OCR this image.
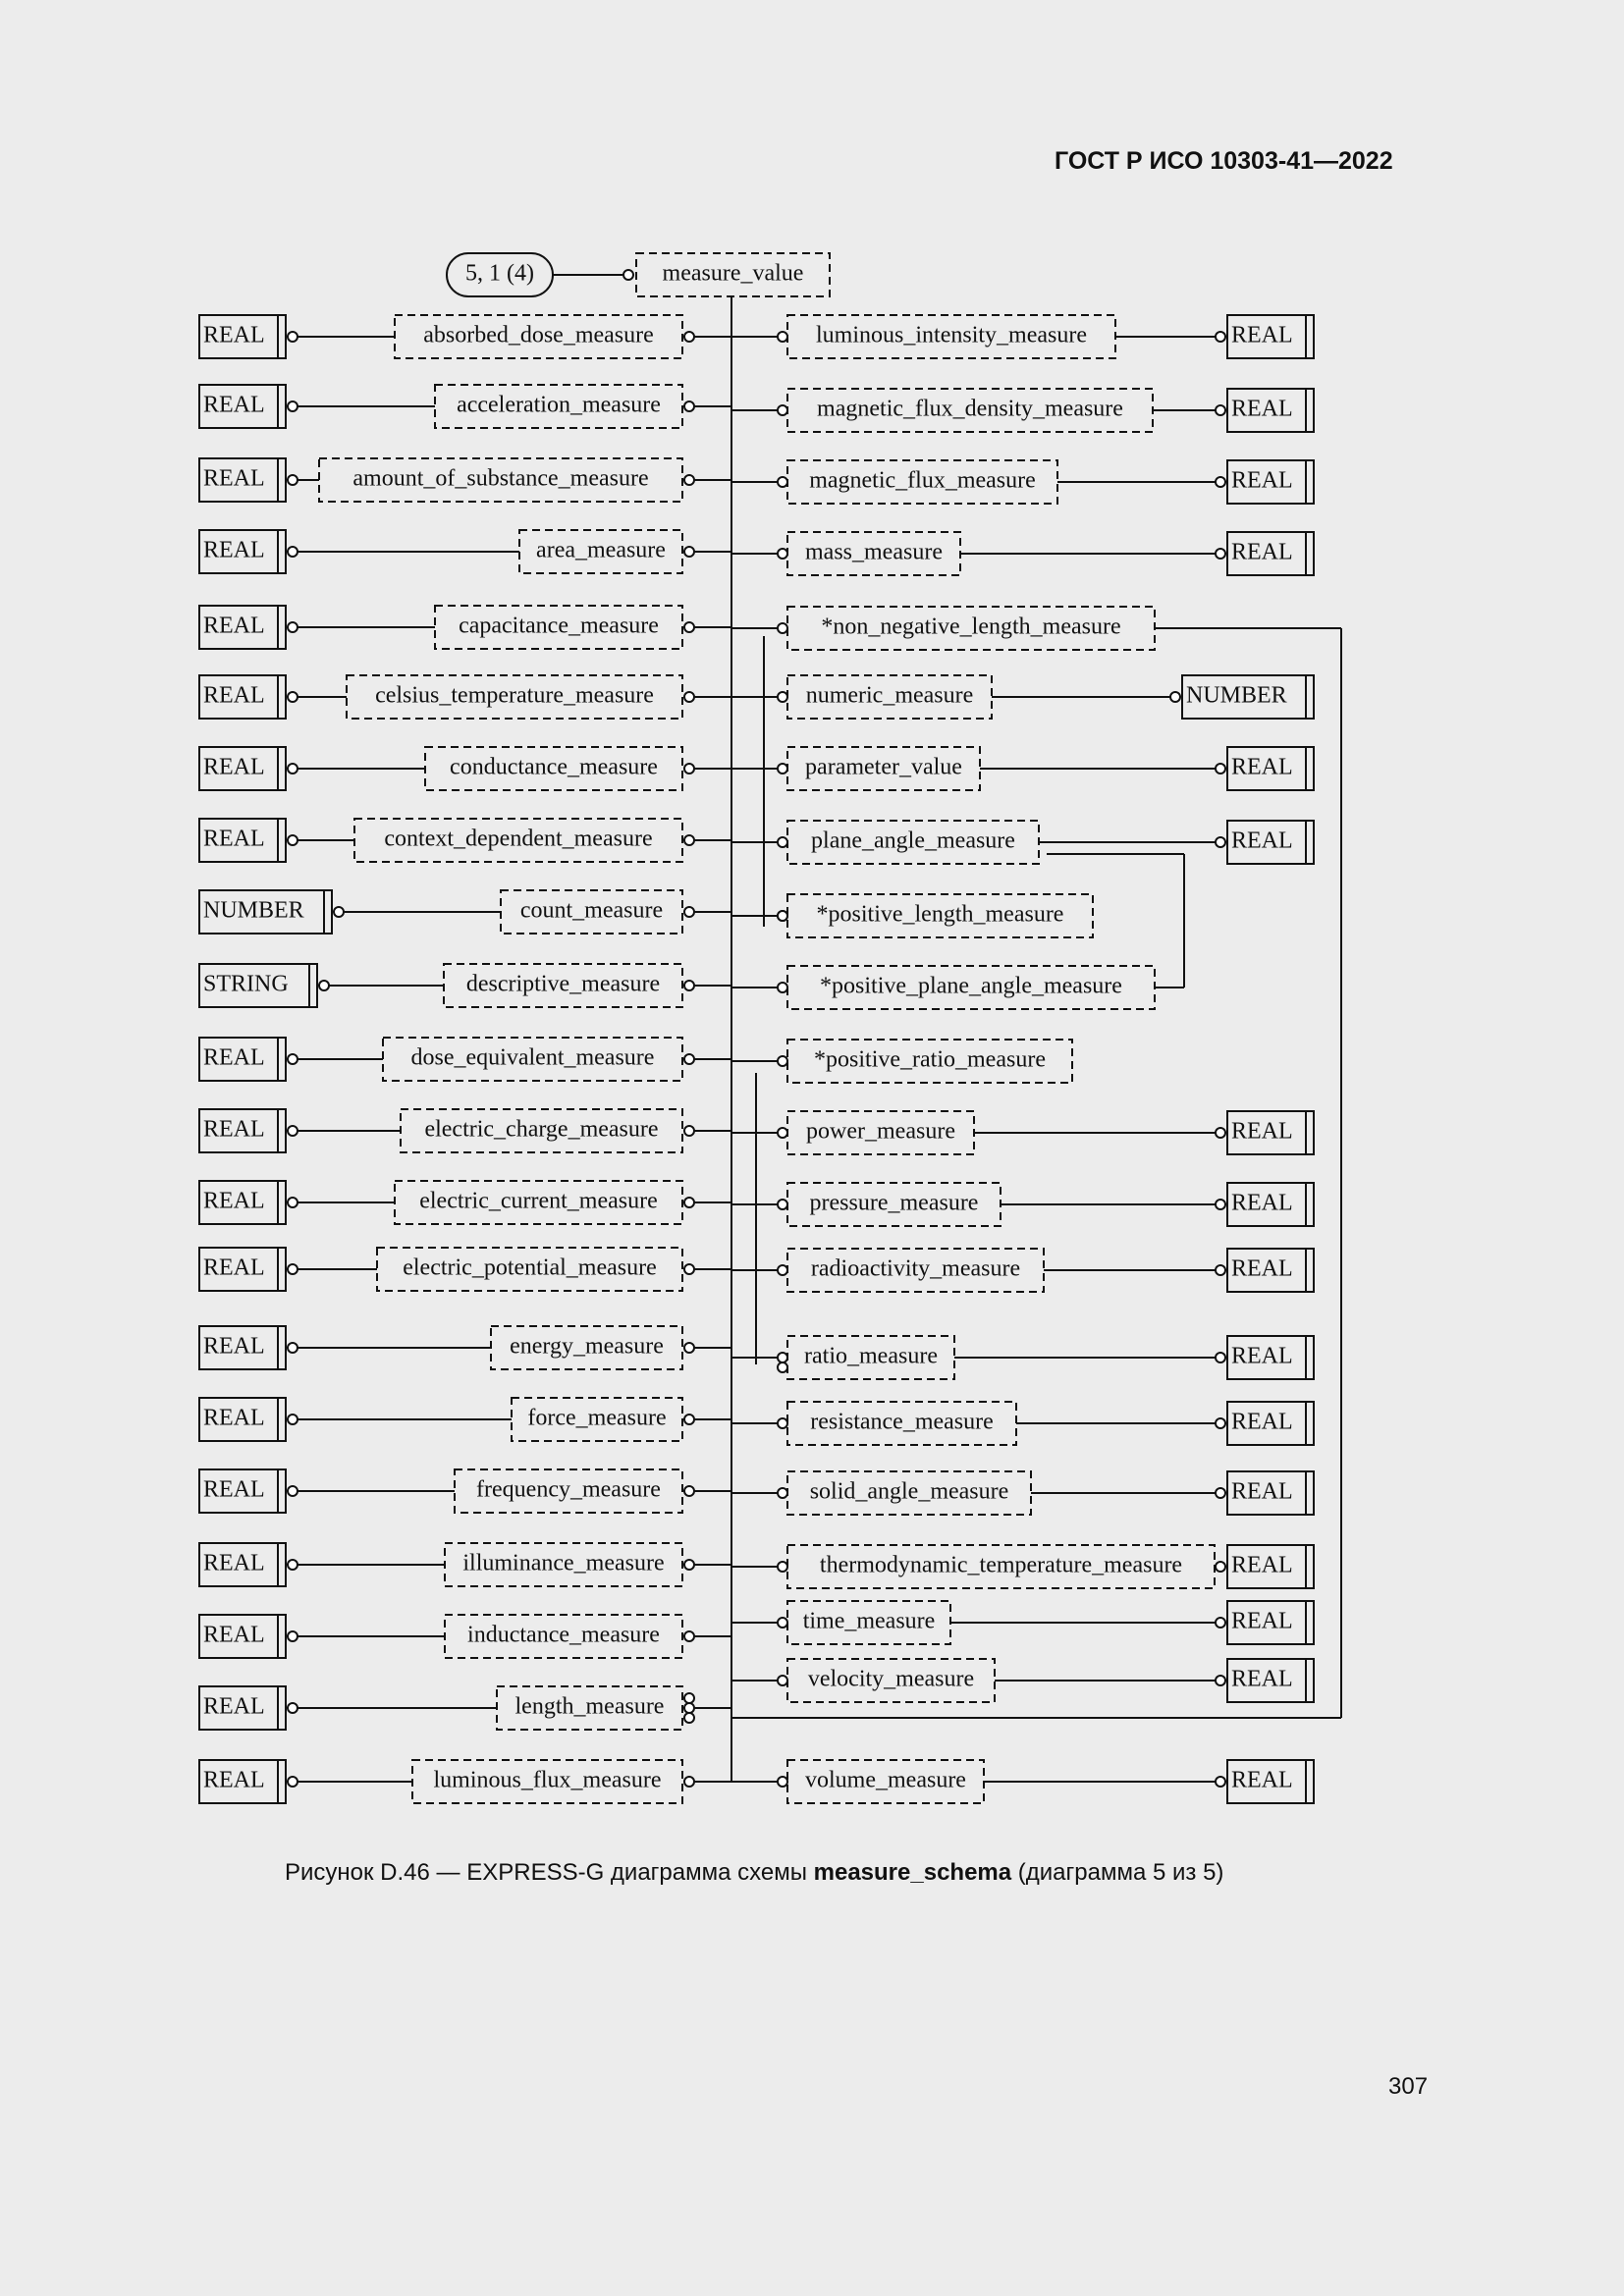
ГОСТ Р ИСО 10303-41—2022
5, 1 (4)	measure_value
absorbed_dose_measure
REAL
acceleration_measure
REAL
amount_of_substance_measure
REAL
area_measure
REAL
capacitance_measure
REAL
celsius_temperature_measure
REAL
conductance_measure
REAL
context_dependent_measure
REAL
count_measure
NUMBER
descriptive_measure
STRING
dose_equivalent_measure
REAL
electric_charge_measure
REAL
electric_current_measure
REAL
electric_potential_measure
REAL
energy_measure
REAL
force_measure
REAL
frequency_measure
REAL
illuminance_measure
REAL
inductance_measure
REAL
length_measure
REAL
luminous_flux_measure
REAL
luminous_intensity_measure	REAL
magnetic_flux_density_measure	REAL
magnetic_flux_measure	REAL
mass_measure	REAL
*non_negative_length_measure
numeric_measure	NUMBER
parameter_value	REAL
plane_angle_measure	REAL
*positive_length_measure
*positive_plane_angle_measure
*positive_ratio_measure
power_measure	REAL
pressure_measure	REAL
radioactivity_measure	REAL
ratio_measure	REAL
resistance_measure	REAL
solid_angle_measure	REAL
thermodynamic_temperature_measure REAL
time_measure	REAL
velocity_measure	REAL
volume_measure	REAL
Рисунок D.46 — EXPRESS-G диаграмма схемы measure_schema (диаграмма 5 из 5)
307
